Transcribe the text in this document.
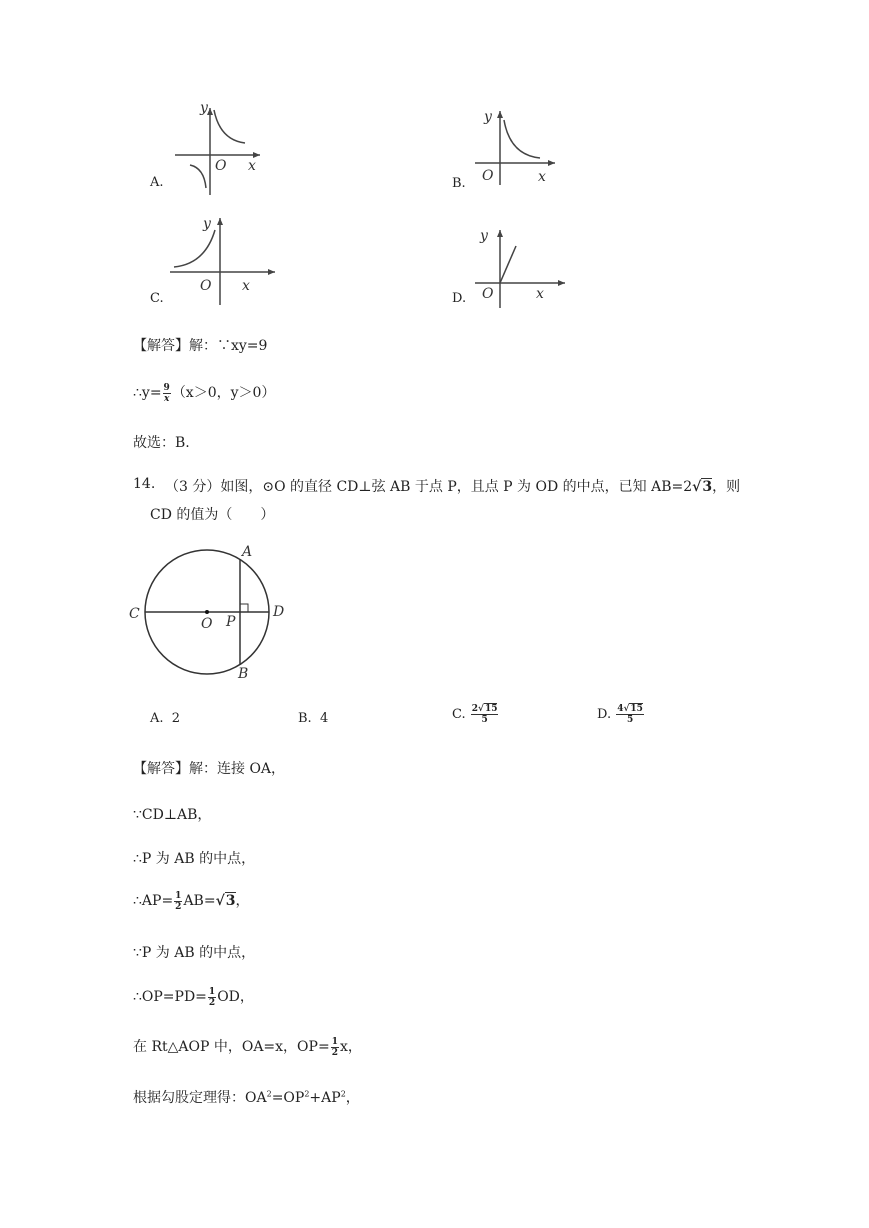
y
O x
A.
y
O	x
B.
y
O x
C.
y
O	x
D.
【解答】解：∵xy=9
∴y= $\frac{9}{x} (x>0$，y＞0）
故选：B.
14. （3 分）如图，⊙O 的直径 CD⊥弦 AB 于点 P，且点 P 为 OD 的中点，已知 AB=2√3，则
CD 的值为（　　）
A
B
C	D
O P
A. 2	B. 4	C. $\frac{2√15}{5}$	D. $\frac{4√15}{5}$
【解答】解：连接 OA，
∵CD⊥AB，
∴P 为 AB 的中点，
∴AP= $\frac{1}{2} AB=√3$，
∵P 为 AB 的中点，
∴OP=PD= $\frac{1}{2}$ OD，
在 Rt△AOP 中，OA=x，$OP= \frac{1}{2}$ x，
根据勾股定理得：$OA^2=OP^2+AP^2$，
